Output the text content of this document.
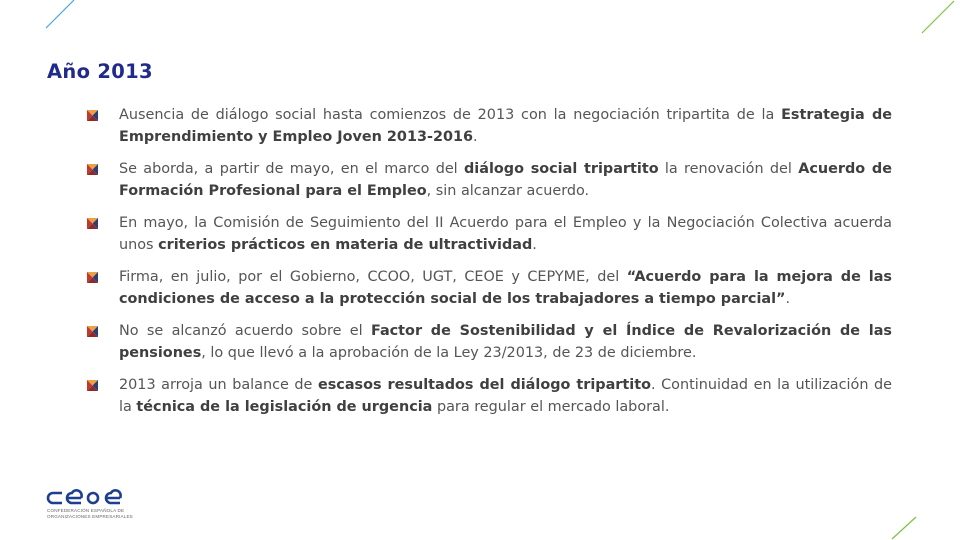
Año 2013
Ausencia de diálogo social hasta comienzos de 2013 con la negociación tripartita de la Estrategia de Emprendimiento y Empleo Joven 2013-2016.
Se aborda, a partir de mayo, en el marco del diálogo social tripartito la renovación del Acuerdo de Formación Profesional para el Empleo, sin alcanzar acuerdo.
En mayo, la Comisión de Seguimiento del II Acuerdo para el Empleo y la Negociación Colectiva acuerda unos criterios prácticos en materia de ultractividad.
Firma, en julio, por el Gobierno, CCOO, UGT, CEOE y CEPYME, del “Acuerdo para la mejora de las condiciones de acceso a la protección social de los trabajadores a tiempo parcial”.
No se alcanzó acuerdo sobre el Factor de Sostenibilidad y el Índice de Revalorización de las pensiones, lo que llevó a la aprobación de la Ley 23/2013, de 23 de diciembre.
2013 arroja un balance de escasos resultados del diálogo tripartito. Continuidad en la utilización de la técnica de la legislación de urgencia para regular el mercado laboral.
CONFEDERACIÓN ESPAÑOLA DE
ORGANIZACIONES EMPRESARIALES
